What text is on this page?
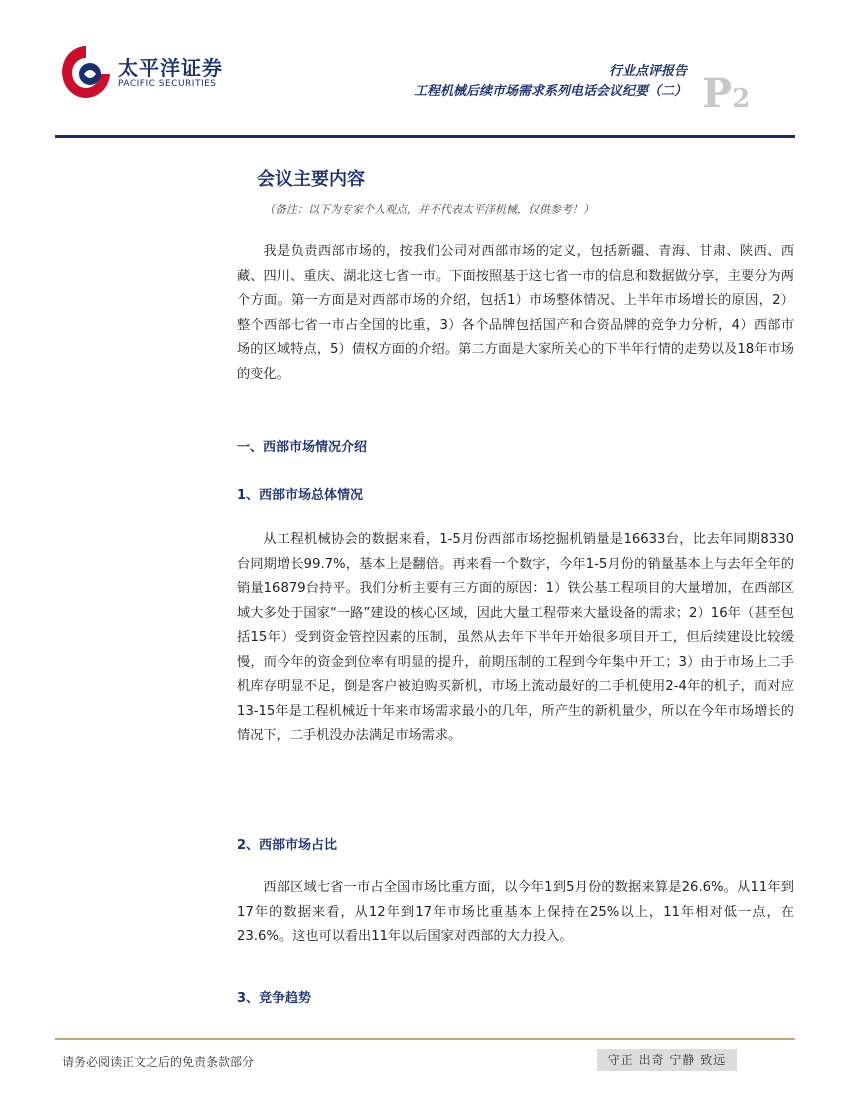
太平洋证券
PACIFIC SECURITIES
行业点评报告
工程机械后续市场需求系列电话会议纪要（二） P2
会议主要内容
（备注：以下为专家个人观点，并不代表太平洋机械，仅供参考！）

我是负责西部市场的，按我们公司对西部市场的定义，包括新疆、青海、甘肃、陕西、西藏、四川、重庆、湖北这七省一市。下面按照基于这七省一市的信息和数据做分享，主要分为两个方面。第一方面是对西部市场的介绍，包括1）市场整体情况、上半年市场增长的原因，2）整个西部七省一市占全国的比重，3）各个品牌包括国产和合资品牌的竞争力分析，4）西部市场的区域特点，5）债权方面的介绍。第二方面是大家所关心的下半年行情的走势以及18年市场的变化。

一、西部市场情况介绍
1、西部市场总体情况

从工程机械协会的数据来看，1-5月份西部市场挖掘机销量是16633台，比去年同期8330台同期增长99.7%，基本上是翻倍。再来看一个数字，今年1-5月份的销量基本上与去年全年的销量16879台持平。我们分析主要有三方面的原因：1）铁公基工程项目的大量增加，在西部区域大多处于国家“一路”建设的核心区域，因此大量工程带来大量设备的需求；2）16年（甚至包括15年）受到资金管控因素的压制，虽然从去年下半年开始很多项目开工，但后续建设比较缓慢，而今年的资金到位率有明显的提升，前期压制的工程到今年集中开工；3）由于市场上二手机库存明显不足，倒是客户被迫购买新机，市场上流动最好的二手机使用2-4年的机子，而对应13-15年是工程机械近十年来市场需求最小的几年，所产生的新机量少，所以在今年市场增长的情况下，二手机没办法满足市场需求。

2、西部市场占比

西部区域七省一市占全国市场比重方面，以今年1到5月份的数据来算是26.6%。从11年到17年的数据来看，从12年到17年市场比重基本上保持在25%以上，11年相对低一点，在23.6%。这也可以看出11年以后国家对西部的大力投入。

3、竞争趋势
请务必阅读正文之后的免责条款部分	守正 出奇 宁静 致远
